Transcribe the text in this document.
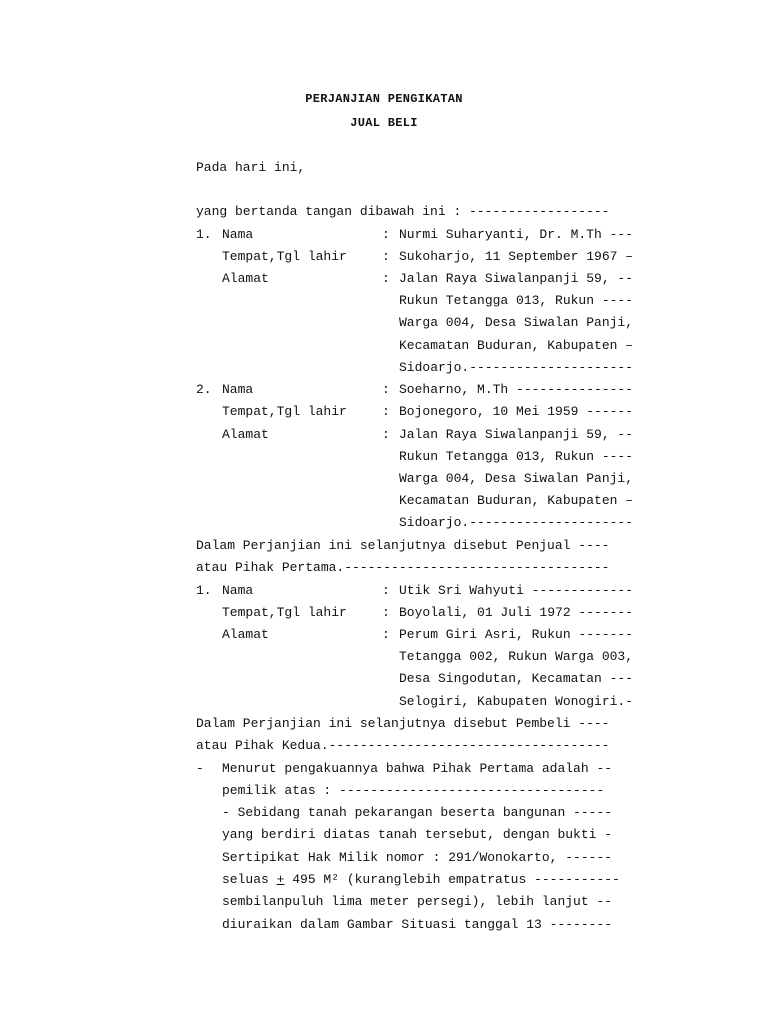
PERJANJIAN PENGIKATAN
JUAL BELI
Pada hari ini,
yang bertanda tangan dibawah ini : ------------------
1. Nama	: Nurmi Suharyanti, Dr. M.Th ---
Tempat,Tgl lahir	: Sukoharjo, 11 September 1967 –
Alamat	: Jalan Raya Siwalanpanji 59, --
Rukun Tetangga 013, Rukun ----
Warga 004, Desa Siwalan Panji,
Kecamatan Buduran, Kabupaten –
Sidoarjo.---------------------
2. Nama	: Soeharno, M.Th ---------------
Tempat,Tgl lahir	: Bojonegoro, 10 Mei 1959 ------
Alamat	: Jalan Raya Siwalanpanji 59, --
Rukun Tetangga 013, Rukun ----
Warga 004, Desa Siwalan Panji,
Kecamatan Buduran, Kabupaten –
Sidoarjo.---------------------
Dalam Perjanjian ini selanjutnya disebut Penjual ----
atau Pihak Pertama.----------------------------------
1. Nama	: Utik Sri Wahyuti -------------
Tempat,Tgl lahir	: Boyolali, 01 Juli 1972 -------
Alamat	: Perum Giri Asri, Rukun -------
Tetangga 002, Rukun Warga 003,
Desa Singodutan, Kecamatan ---
Selogiri, Kabupaten Wonogiri.-
Dalam Perjanjian ini selanjutnya disebut Pembeli ----
atau Pihak Kedua.------------------------------------
- Menurut pengakuannya bahwa Pihak Pertama adalah --
pemilik atas : ----------------------------------
- Sebidang tanah pekarangan beserta bangunan -----
yang berdiri diatas tanah tersebut, dengan bukti -
Sertipikat Hak Milik nomor : 291/Wonokarto, ------
seluas + 495 M² (kuranglebih empatratus -----------
sembilanpuluh lima meter persegi), lebih lanjut --
diuraikan dalam Gambar Situasi tanggal 13 --------
